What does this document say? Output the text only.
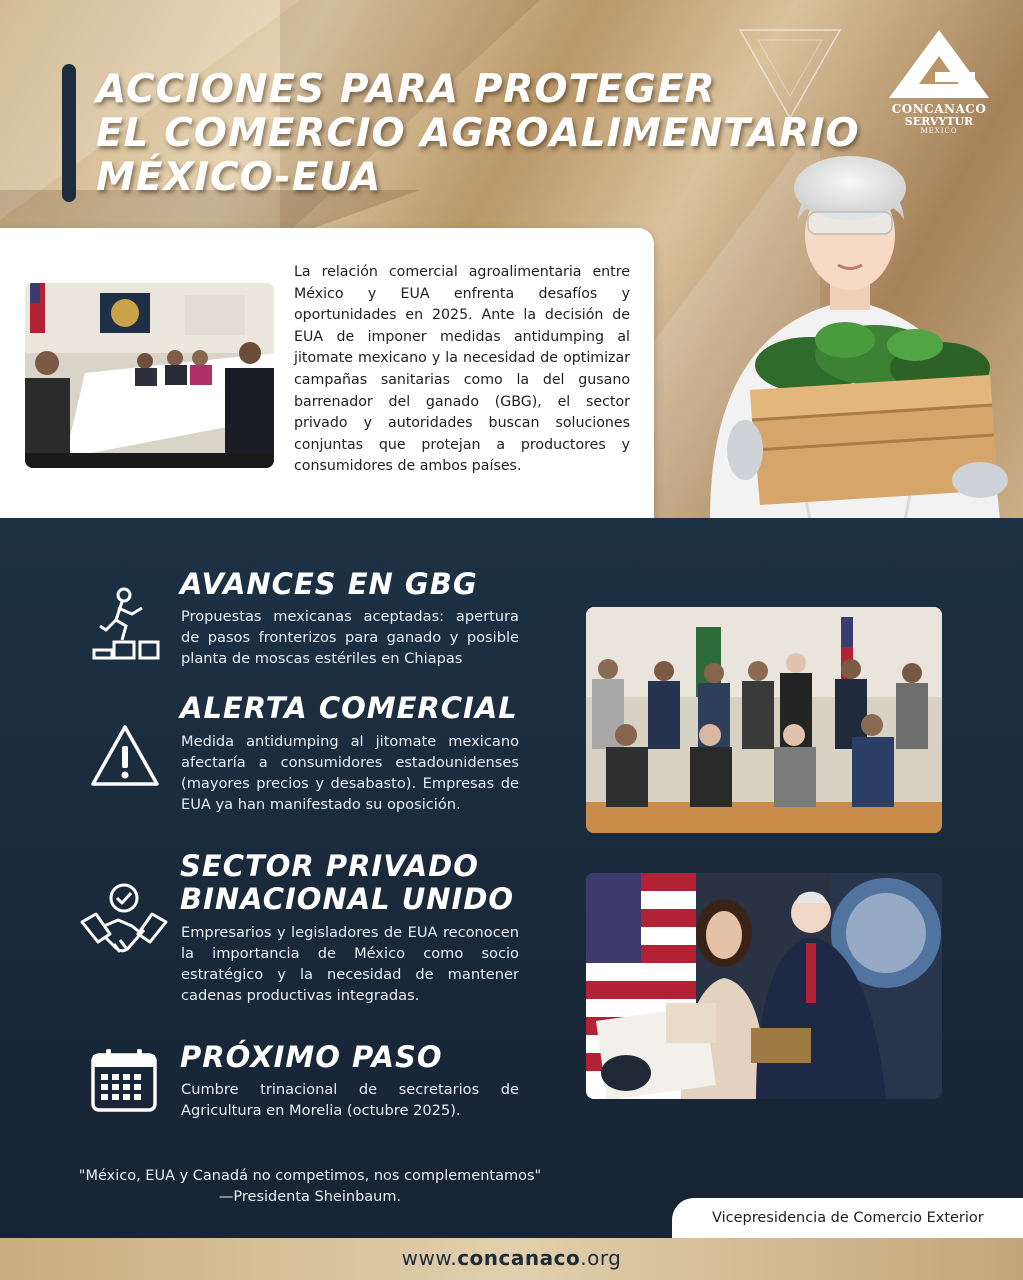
ACCIONES PARA PROTEGER
EL COMERCIO AGROALIMENTARIO
MÉXICO-EUA
CONCANACO
SERVYTUR
MEXICO
La relación comercial agroalimentaria entre México y EUA enfrenta desafíos y oportunidades en 2025. Ante la decisión de EUA de imponer medidas antidumping al jitomate mexicano y la necesidad de optimizar campañas sanitarias como la del gusano barrenador del ganado (GBG), el sector privado y autoridades buscan soluciones conjuntas que protejan a productores y consumidores de ambos países.
AVANCES EN GBG
Propuestas mexicanas aceptadas: apertura de pasos fronterizos para ganado y posible planta de moscas estériles en Chiapas
ALERTA COMERCIAL
Medida antidumping al jitomate mexicano afectaría a consumidores estadounidenses (mayores precios y desabasto). Empresas de EUA ya han manifestado su oposición.
SECTOR PRIVADO
BINACIONAL UNIDO
Empresarios y legisladores de EUA reconocen la importancia de México como socio estratégico y la necesidad de mantener cadenas productivas integradas.
PRÓXIMO PASO
Cumbre trinacional de secretarios de Agricultura en Morelia (octubre 2025).
"México, EUA y Canadá no competimos, nos complementamos"
—Presidenta Sheinbaum.
Vicepresidencia de Comercio Exterior
www.concanaco.org
